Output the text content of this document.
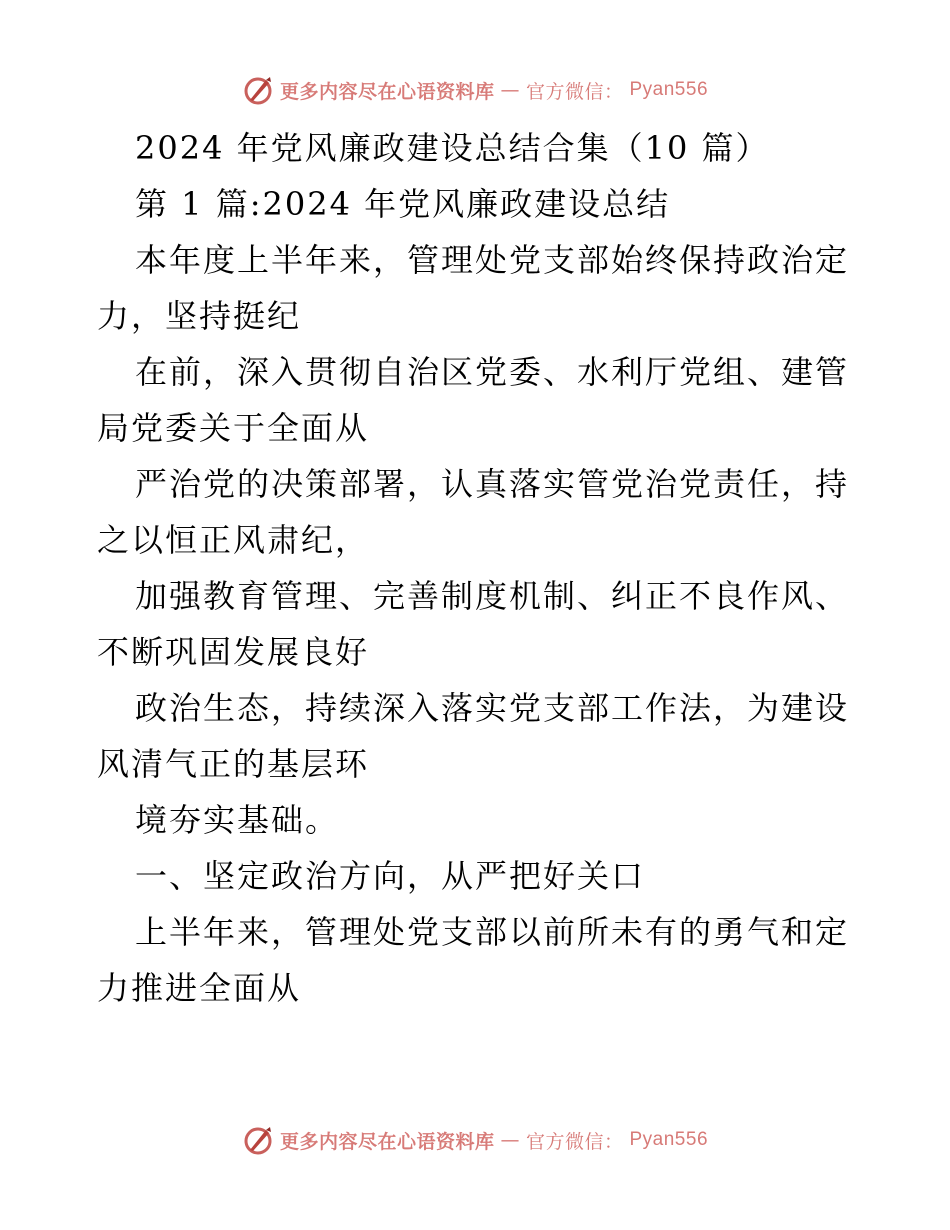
更多内容尽在心语资料库 — 官方微信： Pyan556
2024 年党风廉政建设总结合集（10 篇）
第 1 篇:2024 年党风廉政建设总结
本年度上半年来，管理处党支部始终保持政治定
力，坚持挺纪
在前，深入贯彻自治区党委、水利厅党组、建管
局党委关于全面从
严治党的决策部署，认真落实管党治党责任，持
之以恒正风肃纪，
加强教育管理、完善制度机制、纠正不良作风、
不断巩固发展良好
政治生态，持续深入落实党支部工作法，为建设
风清气正的基层环
境夯实基础。
一、坚定政治方向，从严把好关口
上半年来，管理处党支部以前所未有的勇气和定
力推进全面从
更多内容尽在心语资料库 — 官方微信： Pyan556
